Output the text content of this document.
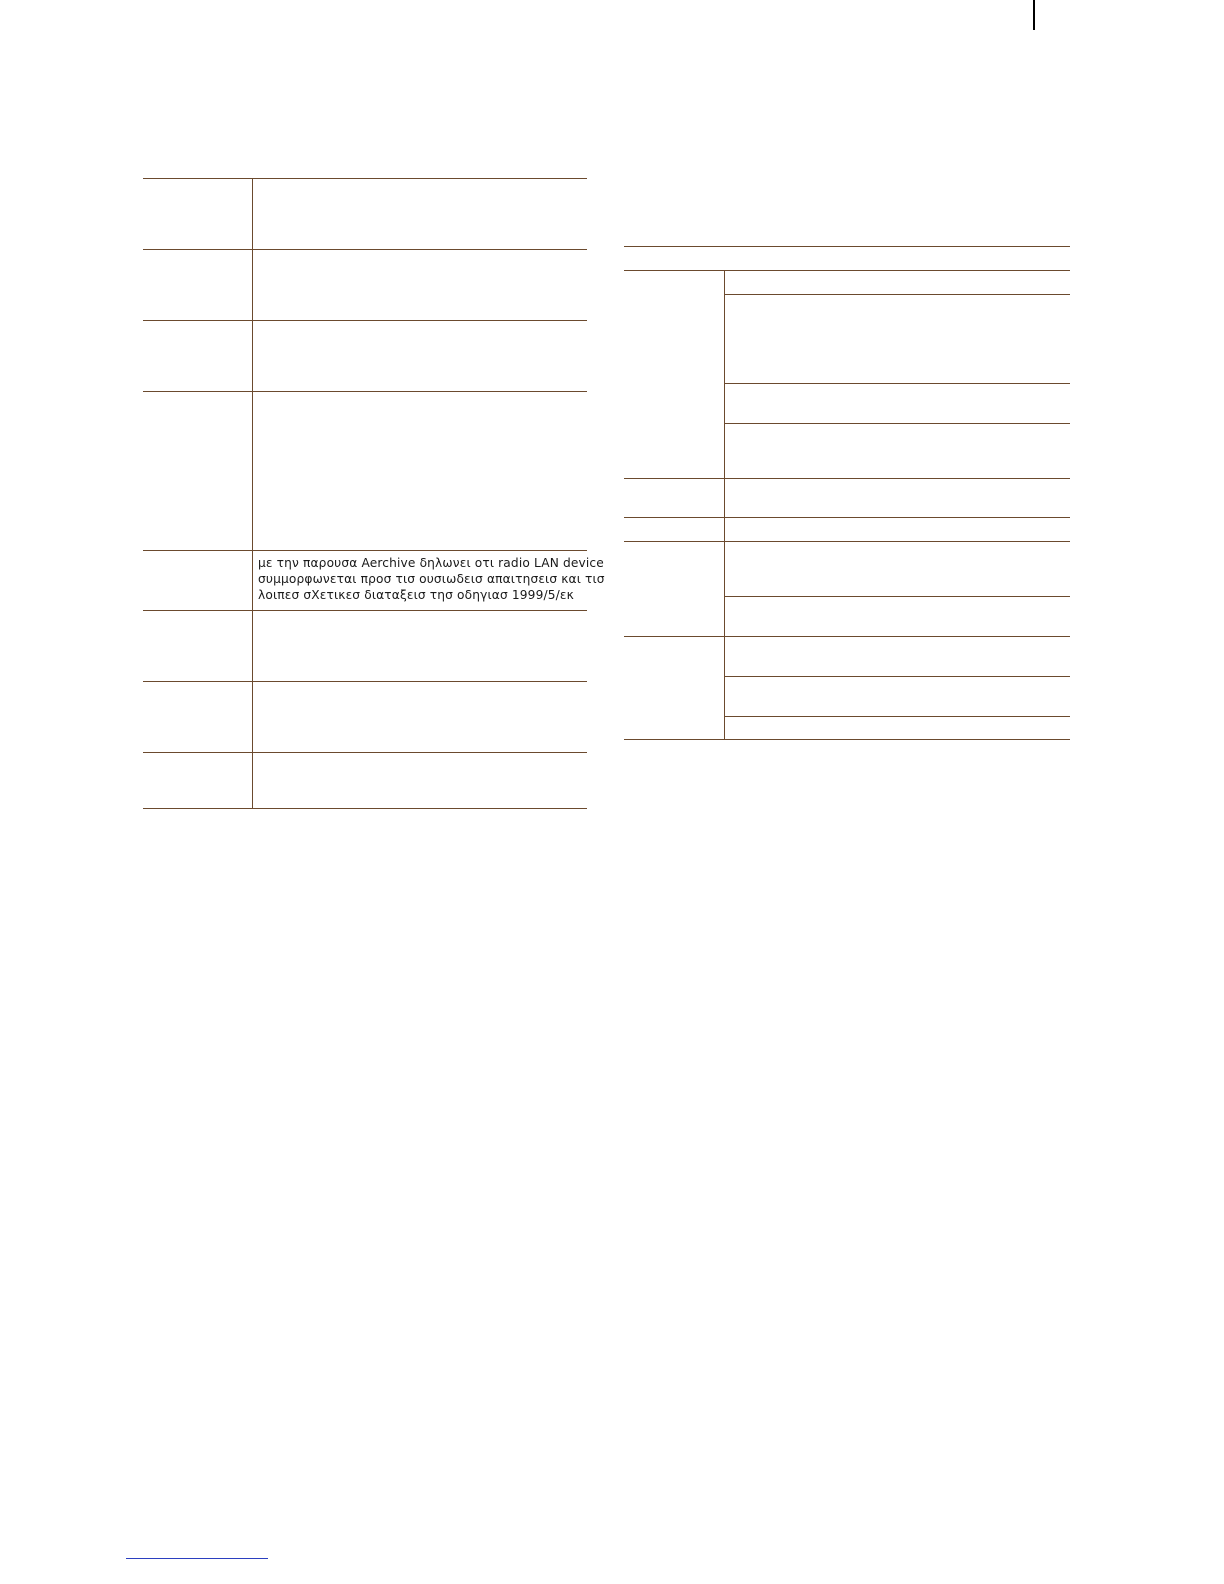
με την παρουσα Aerchive δηλωνει οτι radio LAN device
συμμορφωνεται προσ τισ ουσιωδεισ απαιτησεισ και τισ
λοιπεσ σΧετικεσ διαταξεισ τησ οδηγιασ 1999/5/εκ
